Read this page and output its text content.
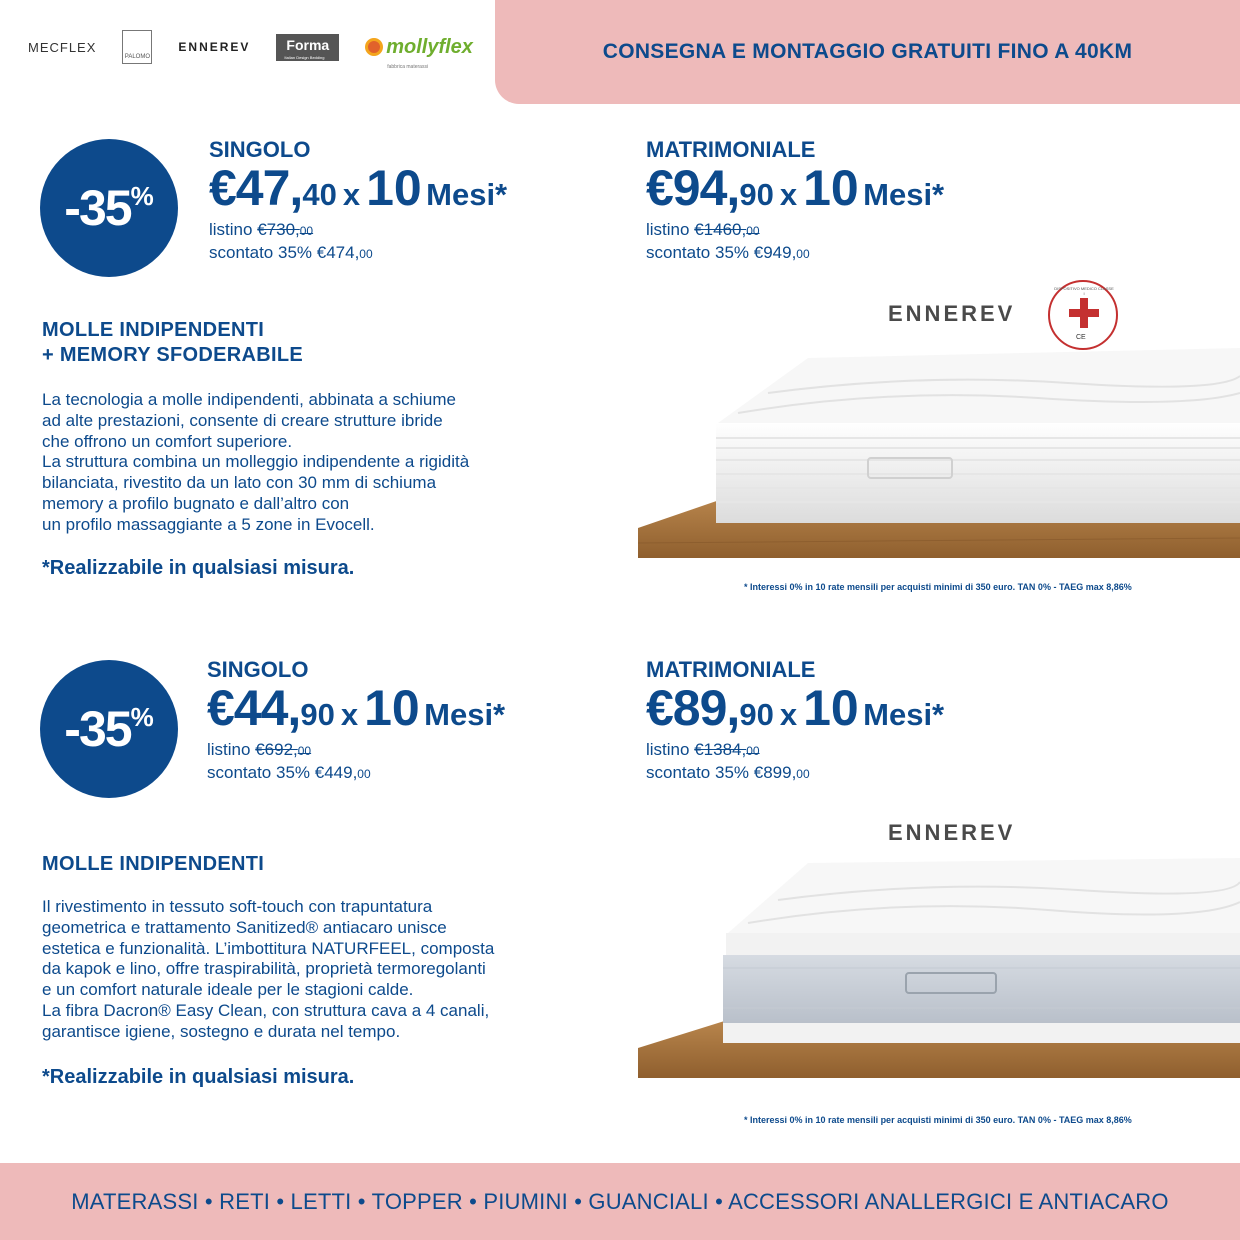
MECFLEX
PALOMO
ENNEREV	Forma
Italian Design Bedding	mollyflex
fabbrica materassi
CONSEGNA E MONTAGGIO GRATUITI FINO A 40KM
-35 %
SINGOLO
€47,40 x 10 Mesi*
listino €730,00
scontato 35% €474,00
MATRIMONIALE
€94,90 x 10 Mesi*
listino €1460,00
scontato 35% €949,00
MOLLE INDIPENDENTI
+ MEMORY SFODERABILE
La tecnologia a molle indipendenti, abbinata a schiume
ad alte prestazioni, consente di creare strutture ibride
che offrono un comfort superiore.
La struttura combina un molleggio indipendente a rigidità
bilanciata, rivestito da un lato con 30 mm di schiuma
memory a profilo bugnato e dall’altro con
un profilo massaggiante a 5 zone in Evocell.
*Realizzabile in qualsiasi misura.
ENNEREV
DISPOSITIVO MEDICO CLASSE I
CE
* Interessi 0% in 10 rate mensili per acquisti minimi di 350 euro. TAN 0% - TAEG max 8,86%
-35 %
SINGOLO
€44,90 x 10 Mesi*
listino €692,00
scontato 35% €449,00
MATRIMONIALE
€89,90 x 10 Mesi*
listino €1384,00
scontato 35% €899,00
MOLLE INDIPENDENTI
Il rivestimento in tessuto soft-touch con trapuntatura
geometrica e trattamento Sanitized® antiacaro unisce
estetica e funzionalità. L’imbottitura NATURFEEL, composta
da kapok e lino, offre traspirabilità, proprietà termoregolanti
e un comfort naturale ideale per le stagioni calde.
La fibra Dacron® Easy Clean, con struttura cava a 4 canali,
garantisce igiene, sostegno e durata nel tempo.
*Realizzabile in qualsiasi misura.
ENNEREV
* Interessi 0% in 10 rate mensili per acquisti minimi di 350 euro. TAN 0% - TAEG max 8,86%
MATERASSI • RETI • LETTI • TOPPER • PIUMINI • GUANCIALI • ACCESSORI ANALLERGICI E ANTIACARO
